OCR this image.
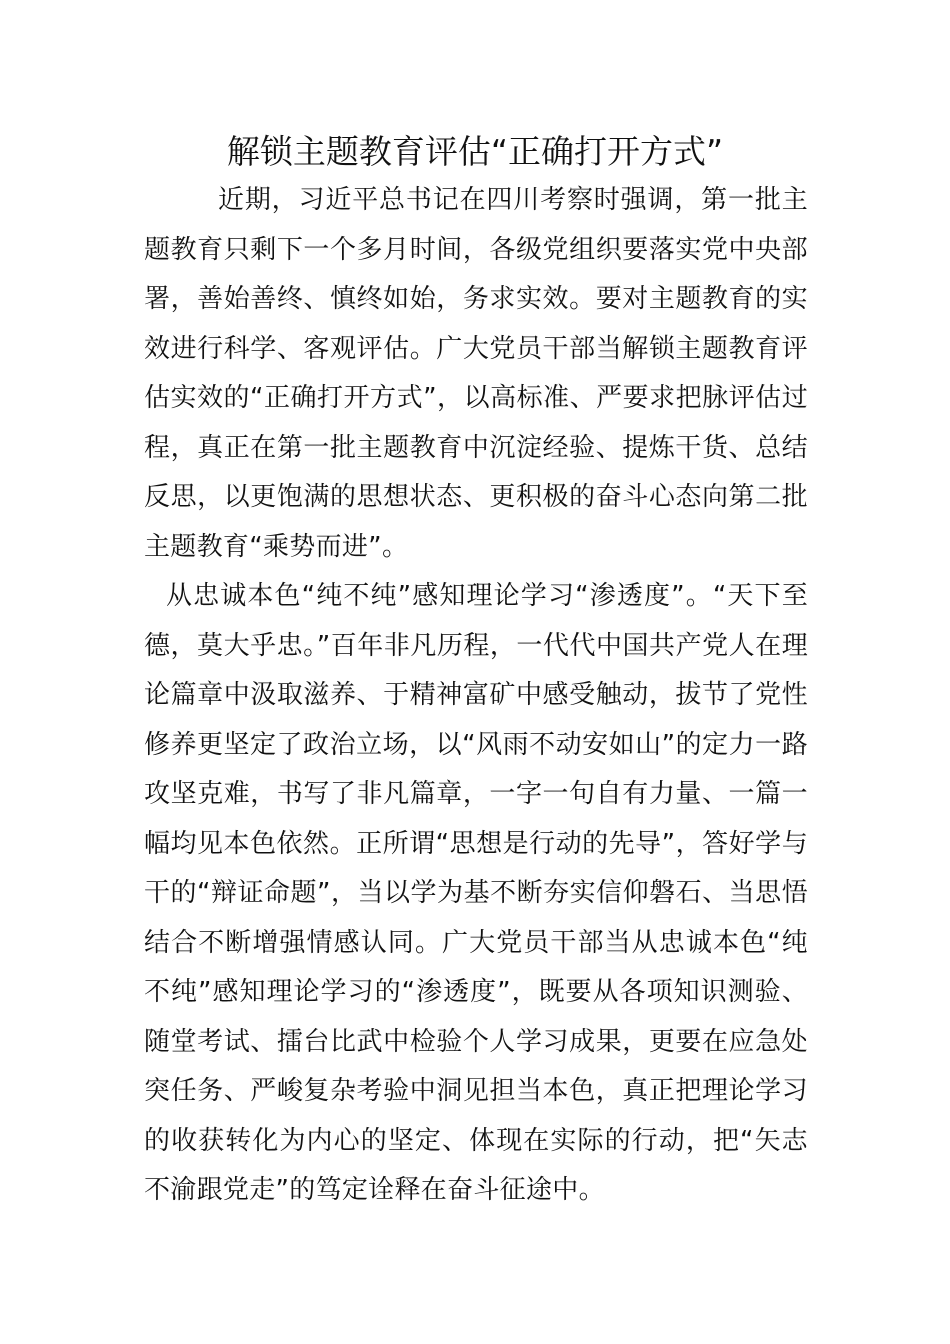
解锁主题教育评估“正确打开方式”

近期，习近平总书记在四川考察时强调，第一批主题教育只剩下一个多月时间，各级党组织要落实党中央部署，善始善终、慎终如始，务求实效。要对主题教育的实效进行科学、客观评估。广大党员干部当解锁主题教育评估实效的“正确打开方式”，以高标准、严要求把脉评估过程，真正在第一批主题教育中沉淀经验、提炼干货、总结反思，以更饱满的思想状态、更积极的奋斗心态向第二批主题教育“乘势而进”。

从忠诚本色“纯不纯”感知理论学习“渗透度”。“天下至德，莫大乎忠。”百年非凡历程，一代代中国共产党人在理论篇章中汲取滋养、于精神富矿中感受触动，拔节了党性修养更坚定了政治立场，以“风雨不动安如山”的定力一路攻坚克难，书写了非凡篇章，一字一句自有力量、一篇一幅均见本色依然。正所谓“思想是行动的先导”，答好学与干的“辩证命题”，当以学为基不断夯实信仰磐石、当思悟结合不断增强情感认同。广大党员干部当从忠诚本色“纯不纯”感知理论学习的“渗透度”，既要从各项知识测验、随堂考试、擂台比武中检验个人学习成果，更要在应急处突任务、严峻复杂考验中洞见担当本色，真正把理论学习的收获转化为内心的坚定、体现在实际的行动，把“矢志不渝跟党走”的笃定诠释在奋斗征途中。
